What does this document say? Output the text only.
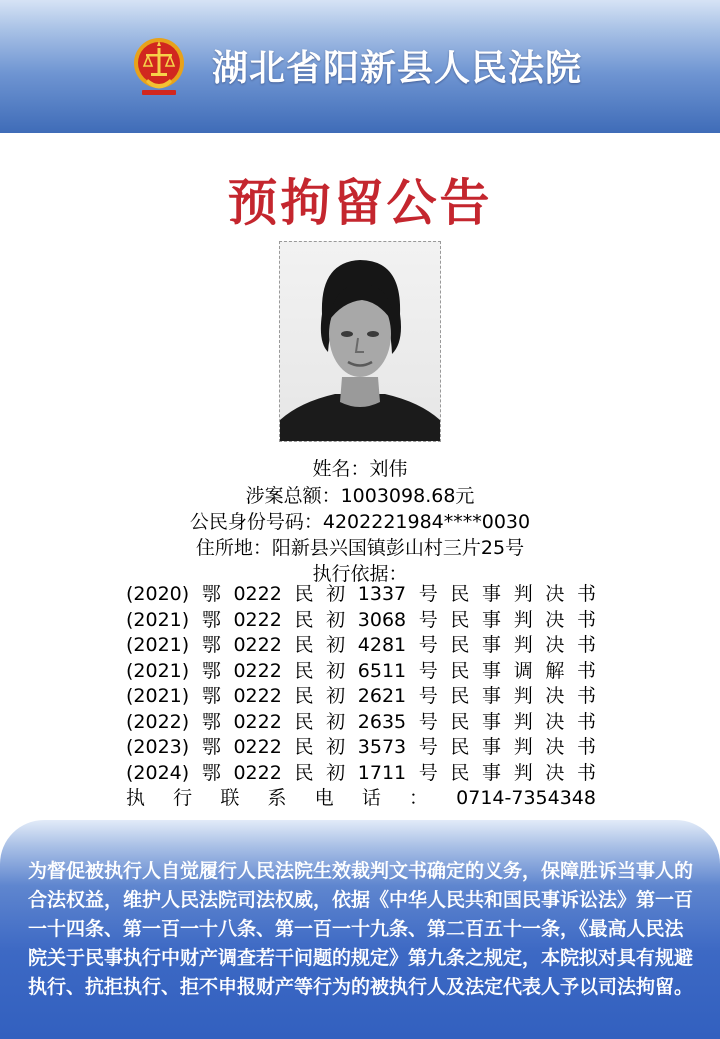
湖北省阳新县人民法院
预拘留公告
姓名：刘伟
涉案总额：1003098.68元
公民身份号码：4202221984****0030
住所地：阳新县兴国镇彭山村三片25号
执行依据：
(2020)鄂0222民初1337号民事判决书
(2021)鄂0222民初3068号民事判决书
(2021)鄂0222民初4281号民事判决书
(2021)鄂0222民初6511号民事调解书
(2021)鄂0222民初2621号民事判决书
(2022)鄂0222民初2635号民事判决书
(2023)鄂0222民初3573号民事判决书
(2024)鄂0222民初1711号民事判决书
执行联系电话：0714-7354348
为督促被执行人自觉履行人民法院生效裁判文书确定的义务，保障胜诉当事人的合法权益，维护人民法院司法权威，依据《中华人民共和国民事诉讼法》第一百一十四条、第一百一十八条、第一百一十九条、第二百五十一条，《最高人民法院关于民事执行中财产调查若干问题的规定》第九条之规定，本院拟对具有规避执行、抗拒执行、拒不申报财产等行为的被执行人及法定代表人予以司法拘留。
